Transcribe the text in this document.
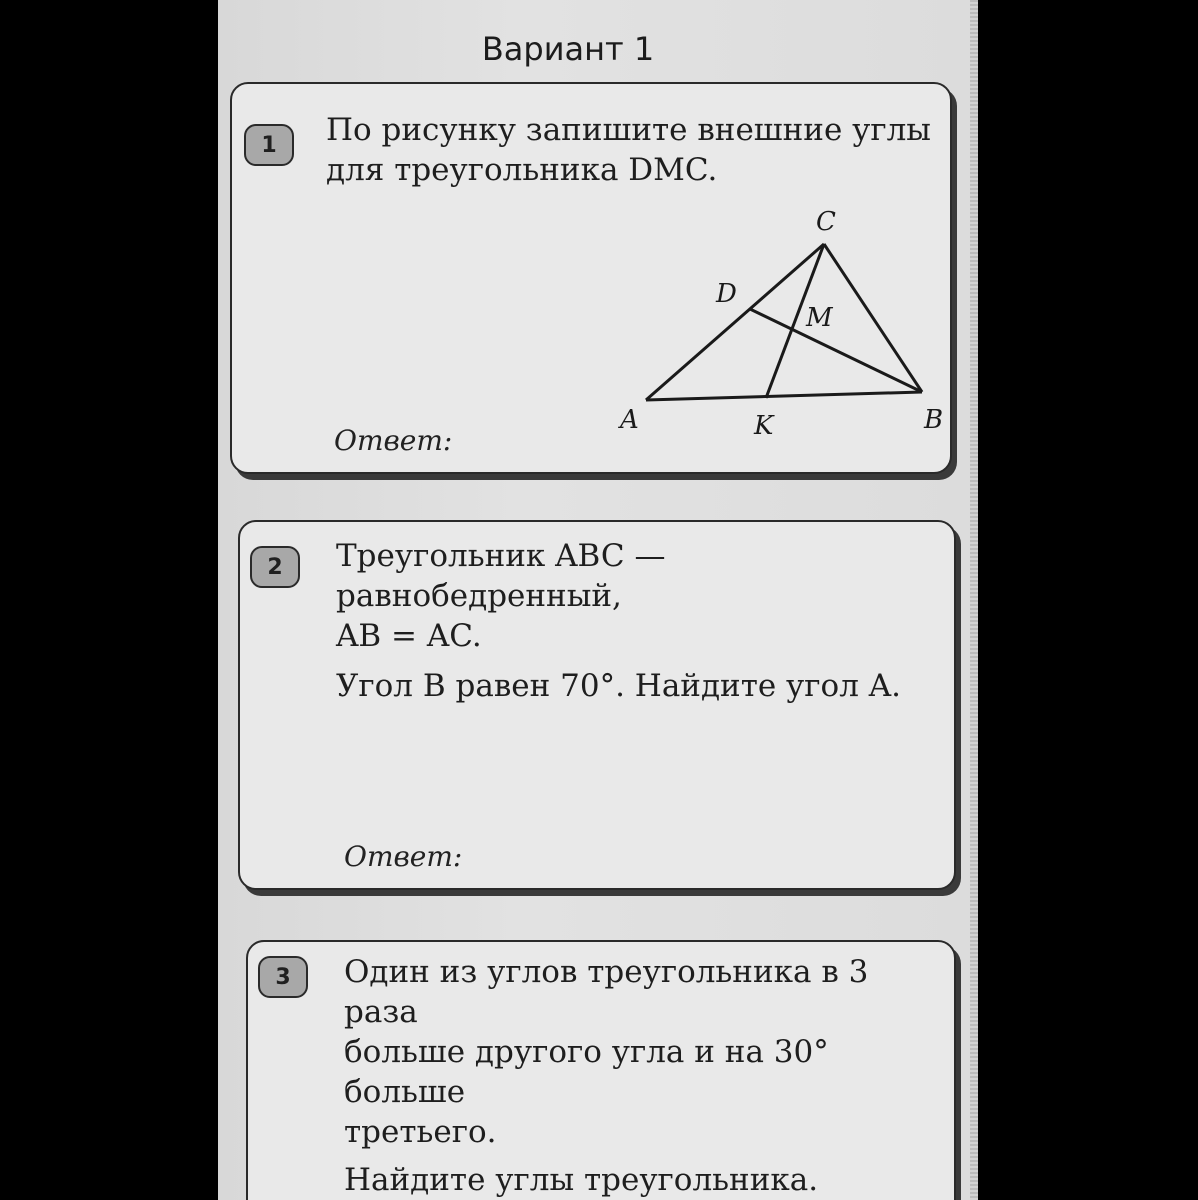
Вариант 1
1	По рисунку запишите внешние углы

для треугольника DMC.

C
D
M
A	K	B
Ответ:
2	Треугольник ABC — равнобедренный,

AB = AC.

Угол B равен 70°. Найдите угол A.

Ответ:
3	Один из углов треугольника в 3 раза

больше другого угла и на 30° больше

третьего.

Найдите углы треугольника.
